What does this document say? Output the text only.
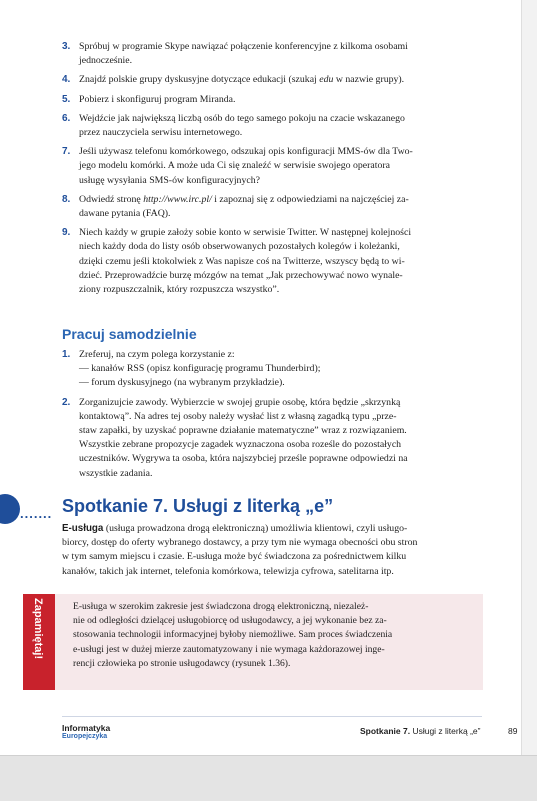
3. Spróbuj w programie Skype nawiązać połączenie konferencyjne z kilkoma osobami
jednocześnie.
4. Znajdź polskie grupy dyskusyjne dotyczące edukacji (szukaj edu w nazwie grupy).
5. Pobierz i skonfiguruj program Miranda.
6. Wejdźcie jak największą liczbą osób do tego samego pokoju na czacie wskazanego
przez nauczyciela serwisu internetowego.
7. Jeśli używasz telefonu komórkowego, odszukaj opis konfiguracji MMS-ów dla Two-
jego modelu komórki. A może uda Ci się znaleźć w serwisie swojego operatora
usługę wysyłania SMS-ów konfiguracyjnych?
8. Odwiedź stronę http://www.irc.pl/ i zapoznaj się z odpowiedziami na najczęściej za-
dawane pytania (FAQ).
9. Niech każdy w grupie założy sobie konto w serwisie Twitter. W następnej kolejności
niech każdy doda do listy osób obserwowanych pozostałych kolegów i koleżanki,
dzięki czemu jeśli ktokolwiek z Was napisze coś na Twitterze, wszyscy będą to wi-
dzieć. Przeprowadźcie burzę mózgów na temat „Jak przechowywać nowo wynale-
ziony rozpuszczalnik, który rozpuszcza wszystko”.
Pracuj samodzielnie
1. Zreferuj, na czym polega korzystanie z:
— kanałów RSS (opisz konfigurację programu Thunderbird);
— forum dyskusyjnego (na wybranym przykładzie).
2. Zorganizujcie zawody. Wybierzcie w swojej grupie osobę, która będzie „skrzynką
kontaktową”. Na adres tej osoby należy wysłać list z własną zagadką typu „prze-
staw zapałki, by uzyskać poprawne działanie matematyczne” wraz z rozwiązaniem.
Wszystkie zebrane propozycje zagadek wyznaczona osoba roześle do pozostałych
uczestników. Wygrywa ta osoba, która najszybciej prześle poprawne odpowiedzi na
wszystkie zadania.
....... Spotkanie 7. Usługi z literką „e”
E-usługa (usługa prowadzona drogą elektroniczną) umożliwia klientowi, czyli usługo-
biorcy, dostęp do oferty wybranego dostawcy, a przy tym nie wymaga obecności obu stron
w tym samym miejscu i czasie. E-usługa może być świadczona za pośrednictwem kilku
kanałów, takich jak internet, telefonia komórkowa, telewizja cyfrowa, satelitarna itp.
Zapamiętaj!	E-usługa w szerokim zakresie jest świadczona drogą elektroniczną, niezależ-
nie od odległości dzielącej usługobiorcę od usługodawcy, a jej wykonanie bez za-
stosowania technologii informacyjnej byłoby niemożliwe. Sam proces świadczenia
e-usługi jest w dużej mierze zautomatyzowany i nie wymaga każdorazowej inge-
rencji człowieka po stronie usługodawcy (rysunek 1.36).
Informatyka
Europejczyka
Spotkanie 7. Usługi z literką „e”	89
